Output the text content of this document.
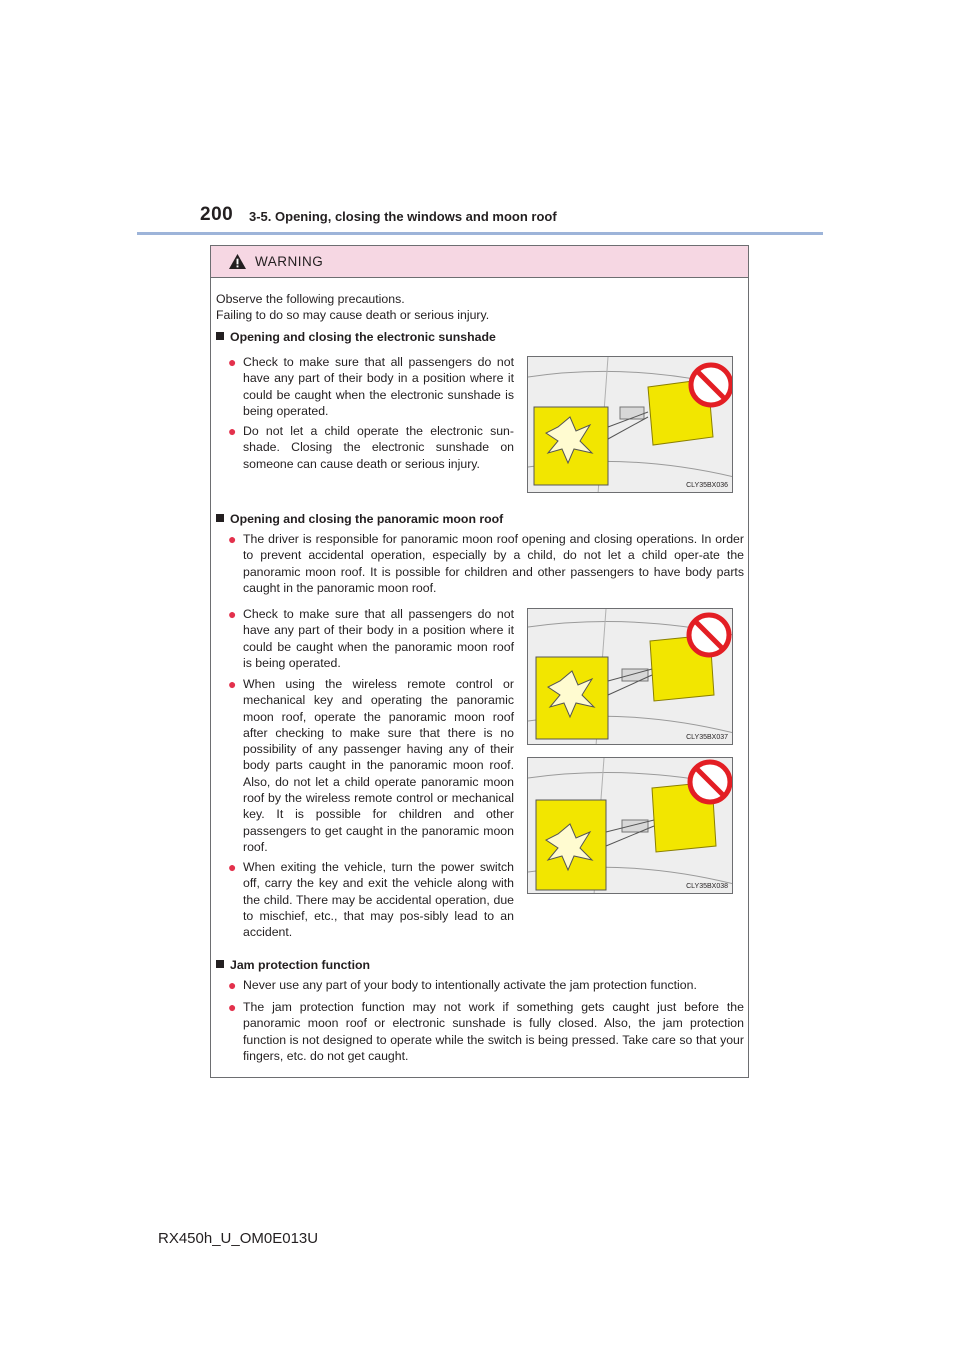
200 3-5. Opening, closing the windows and moon roof
WARNING
Observe the following precautions.
Failing to do so may cause death or serious injury.
Opening and closing the electronic sunshade
● Check to make sure that all passengers do not have any part of their body in a position where it could be caught when the electronic sunshade is being operated.
● Do not let a child operate the electronic sun-shade. Closing the electronic sunshade on someone can cause death or serious injury.
CLY35BX036
Opening and closing the panoramic moon roof
● The driver is responsible for panoramic moon roof opening and closing operations. In order to prevent accidental operation, especially by a child, do not let a child oper-ate the panoramic moon roof. It is possible for children and other passengers to have body parts caught in the panoramic moon roof.
● Check to make sure that all passengers do not have any part of their body in a position where it could be caught when the panoramic moon roof is being operated.
● When using the wireless remote control or mechanical key and operating the panoramic moon roof, operate the panoramic moon roof after checking to make sure that there is no possibility of any passenger having any of their body parts caught in the panoramic moon roof. Also, do not let a child operate panoramic moon roof by the wireless remote control or mechanical key. It is possible for children and other passengers to get caught in the panoramic moon roof.
● When exiting the vehicle, turn the power switch off, carry the key and exit the vehicle along with the child. There may be accidental operation, due to mischief, etc., that may pos-sibly lead to an accident.
CLY35BX037
CLY35BX038
Jam protection function
● Never use any part of your body to intentionally activate the jam protection function.
● The jam protection function may not work if something gets caught just before the panoramic moon roof or electronic sunshade is fully closed. Also, the jam protection function is not designed to operate while the switch is being pressed. Take care so that your fingers, etc. do not get caught.
RX450h_U_OM0E013U
